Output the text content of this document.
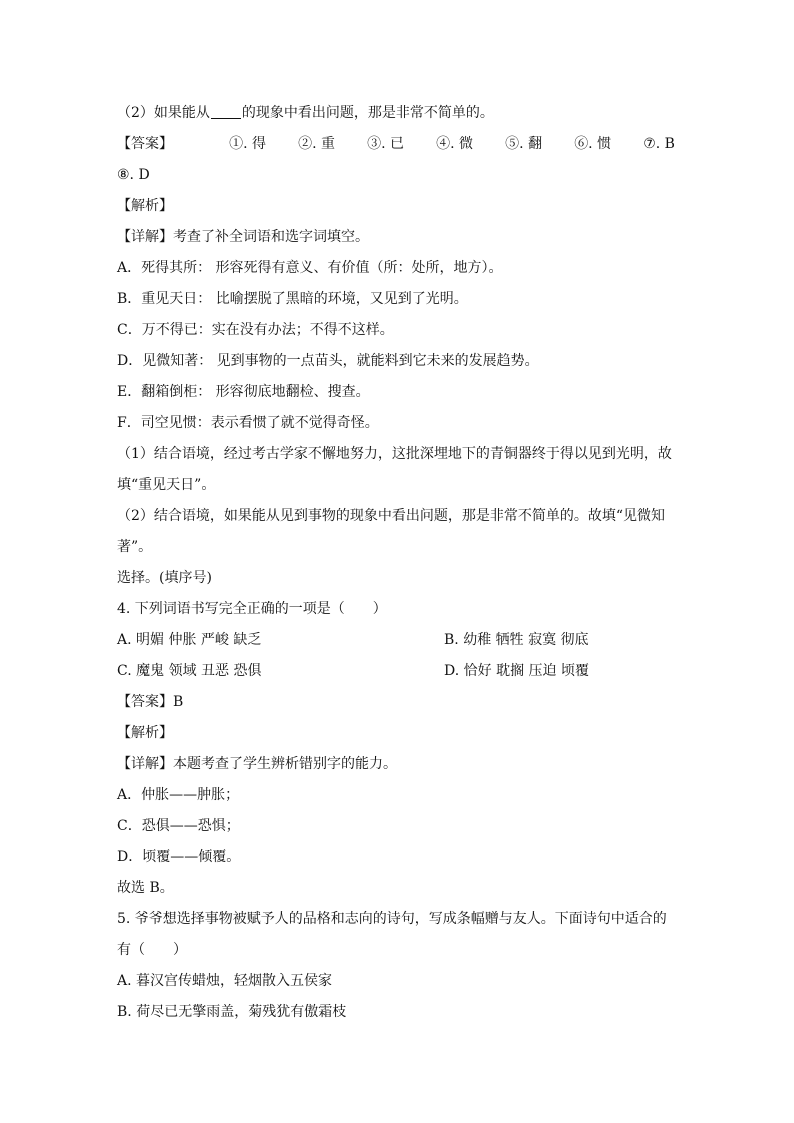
（2）如果能从 的现象中看出问题，那是非常不简单的。
【答案】	①. 得 ②. 重 ③. 已 ④. 微 ⑤. 翻 ⑥. 惯 ⑦. B
⑧. D
【解析】
【详解】考查了补全词语和选字词填空。
A．死得其所： 形容死得有意义、有价值（所：处所，地方）。
B．重见天日： 比喻摆脱了黑暗的环境，又见到了光明。
C．万不得已：实在没有办法；不得不这样。
D．见微知著： 见到事物的一点苗头，就能料到它未来的发展趋势。
E．翻箱倒柜： 形容彻底地翻检、搜查。
F．司空见惯：表示看惯了就不觉得奇怪。
（1）结合语境，经过考古学家不懈地努力，这批深埋地下的青铜器终于得以见到光明，故
填“重见天日”。
（2）结合语境，如果能从见到事物的现象中看出问题，那是非常不简单的。故填“见微知
著”。
选择。(填序号)
4. 下列词语书写完全正确的一项是（　　）
A. 明媚 仲胀 严峻 缺乏	B. 幼稚 牺牲 寂寞 彻底
C. 魔鬼 领域 丑恶 恐俱	D. 恰好 耽搁 压迫 顷覆
【答案】B
【解析】
【详解】本题考查了学生辨析错别字的能力。
A．仲胀——肿胀；
C．恐俱——恐惧；
D．顷覆——倾覆。
故选 B。
5. 爷爷想选择事物被赋予人的品格和志向的诗句，写成条幅赠与友人。下面诗句中适合的
有（　　）
A. 暮汉宫传蜡烛，轻烟散入五侯家
B. 荷尽已无擎雨盖，菊残犹有傲霜枝
